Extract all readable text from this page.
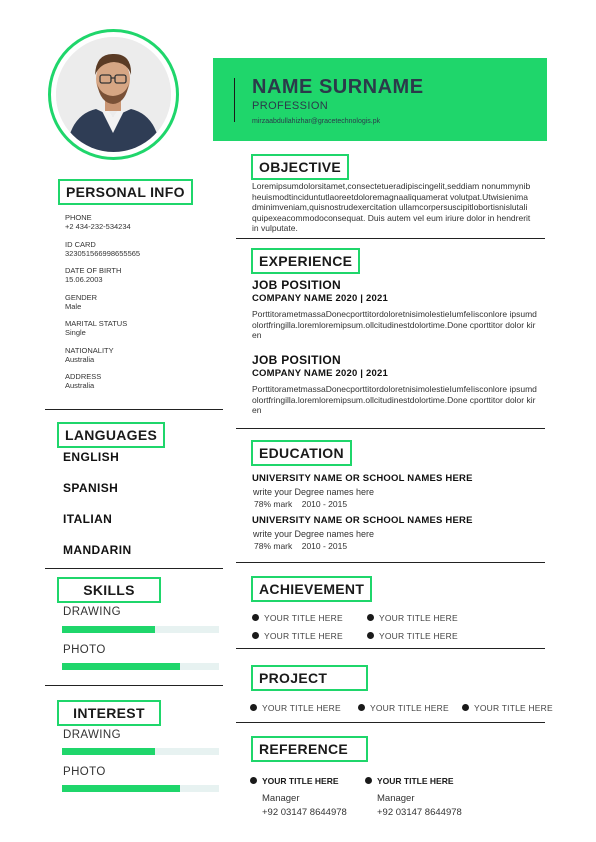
PERSONAL INFO
PHONE
+2 434-232-534234
ID CARD
323051566998655565
DATE OF BIRTH
15.06.2003
GENDER
Male
MARITAL STATUS
Single
NATIONALITY
Australia
ADDRESS
Australia
LANGUAGES
ENGLISH
SPANISH
ITALIAN
MANDARIN
SKILLS
DRAWING
PHOTO
INTEREST
DRAWING
PHOTO
NAME SURNAME
PROFESSION
mirzaabdullahizhar@gracetechnologis.pk
OBJECTIVE
Loremipsumdolorsitamet,consectetueradipiscingelit,seddiam nonummynibheuismodtinciduntutlaoreetdoloremagnaaliquamerat volutpat.Utwisienimadminimveniam,quisnostrudexercitation ullamcorpersuscipitlobortisnislutaliquipexeacommodoconsequat. Duis autem vel eum iriure dolor in hendrerit in vulputate.
EXPERIENCE
JOB POSITION
COMPANY NAME 2020 | 2021
PorttitorametmassaDonecporttitordoloretnisimolestieIumfeIisconlore ipsumdolortfringilla.loremloremipsum.ollcitudinestdolortime.Done cporttitor dolor kiren
JOB POSITION
COMPANY NAME 2020 | 2021
PorttitorametmassaDonecporttitordoloretnisimolestieIumfeIisconlore ipsumdolortfringilla.loremloremipsum.ollcitudinestdolortime.Done cporttitor dolor kiren
EDUCATION
UNIVERSITY NAME OR SCHOOL NAMES HERE
write your Degree names here
78% mark 2010 - 2015
UNIVERSITY NAME OR SCHOOL NAMES HERE
write your Degree names here
78% mark 2010 - 2015
ACHIEVEMENT
YOUR TITLE HERE	YOUR TITLE HERE
YOUR TITLE HERE	YOUR TITLE HERE
PROJECT
YOUR TITLE HERE	YOUR TITLE HERE	YOUR TITLE HERE
REFERENCE
YOUR TITLE HERE
Manager
+92 03147 8644978
YOUR TITLE HERE
Manager
+92 03147 8644978
